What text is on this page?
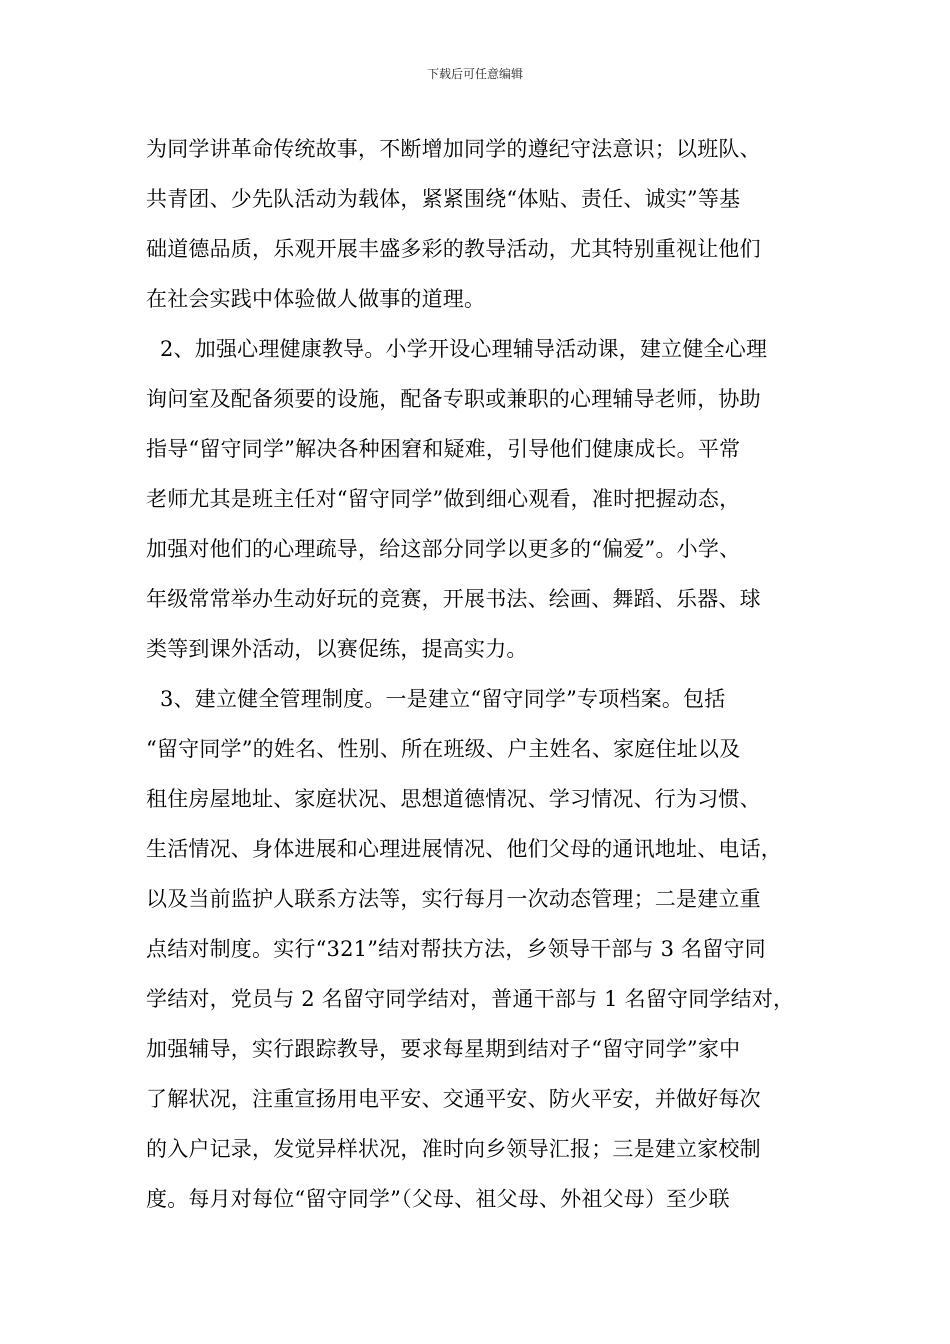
下载后可任意编辑
为同学讲革命传统故事，不断增加同学的遵纪守法意识；以班队、
共青团、少先队活动为载体，紧紧围绕“体贴、责任、诚实”等基
础道德品质，乐观开展丰盛多彩的教导活动，尤其特别重视让他们
在社会实践中体验做人做事的道理。
2、加强心理健康教导。小学开设心理辅导活动课，建立健全心理
询问室及配备须要的设施，配备专职或兼职的心理辅导老师，协助
指导“留守同学”解决各种困窘和疑难，引导他们健康成长。平常
老师尤其是班主任对“留守同学”做到细心观看，准时把握动态，
加强对他们的心理疏导，给这部分同学以更多的“偏爱”。小学、
年级常常举办生动好玩的竞赛，开展书法、绘画、舞蹈、乐器、球
类等到课外活动，以赛促练，提高实力。
3、建立健全管理制度。一是建立“留守同学”专项档案。包括
“留守同学”的姓名、性别、所在班级、户主姓名、家庭住址以及
租住房屋地址、家庭状况、思想道德情况、学习情况、行为习惯、
生活情况、身体进展和心理进展情况、他们父母的通讯地址、电话，
以及当前监护人联系方法等，实行每月一次动态管理；二是建立重
点结对制度。实行“321”结对帮扶方法，乡领导干部与 3 名留守同
学结对，党员与 2 名留守同学结对，普通干部与 1 名留守同学结对，
加强辅导，实行跟踪教导，要求每星期到结对子“留守同学”家中
了解状况，注重宣扬用电平安、交通平安、防火平安，并做好每次
的入户记录，发觉异样状况，准时向乡领导汇报；三是建立家校制
度。每月对每位“留守同学”（父母、祖父母、外祖父母）至少联
